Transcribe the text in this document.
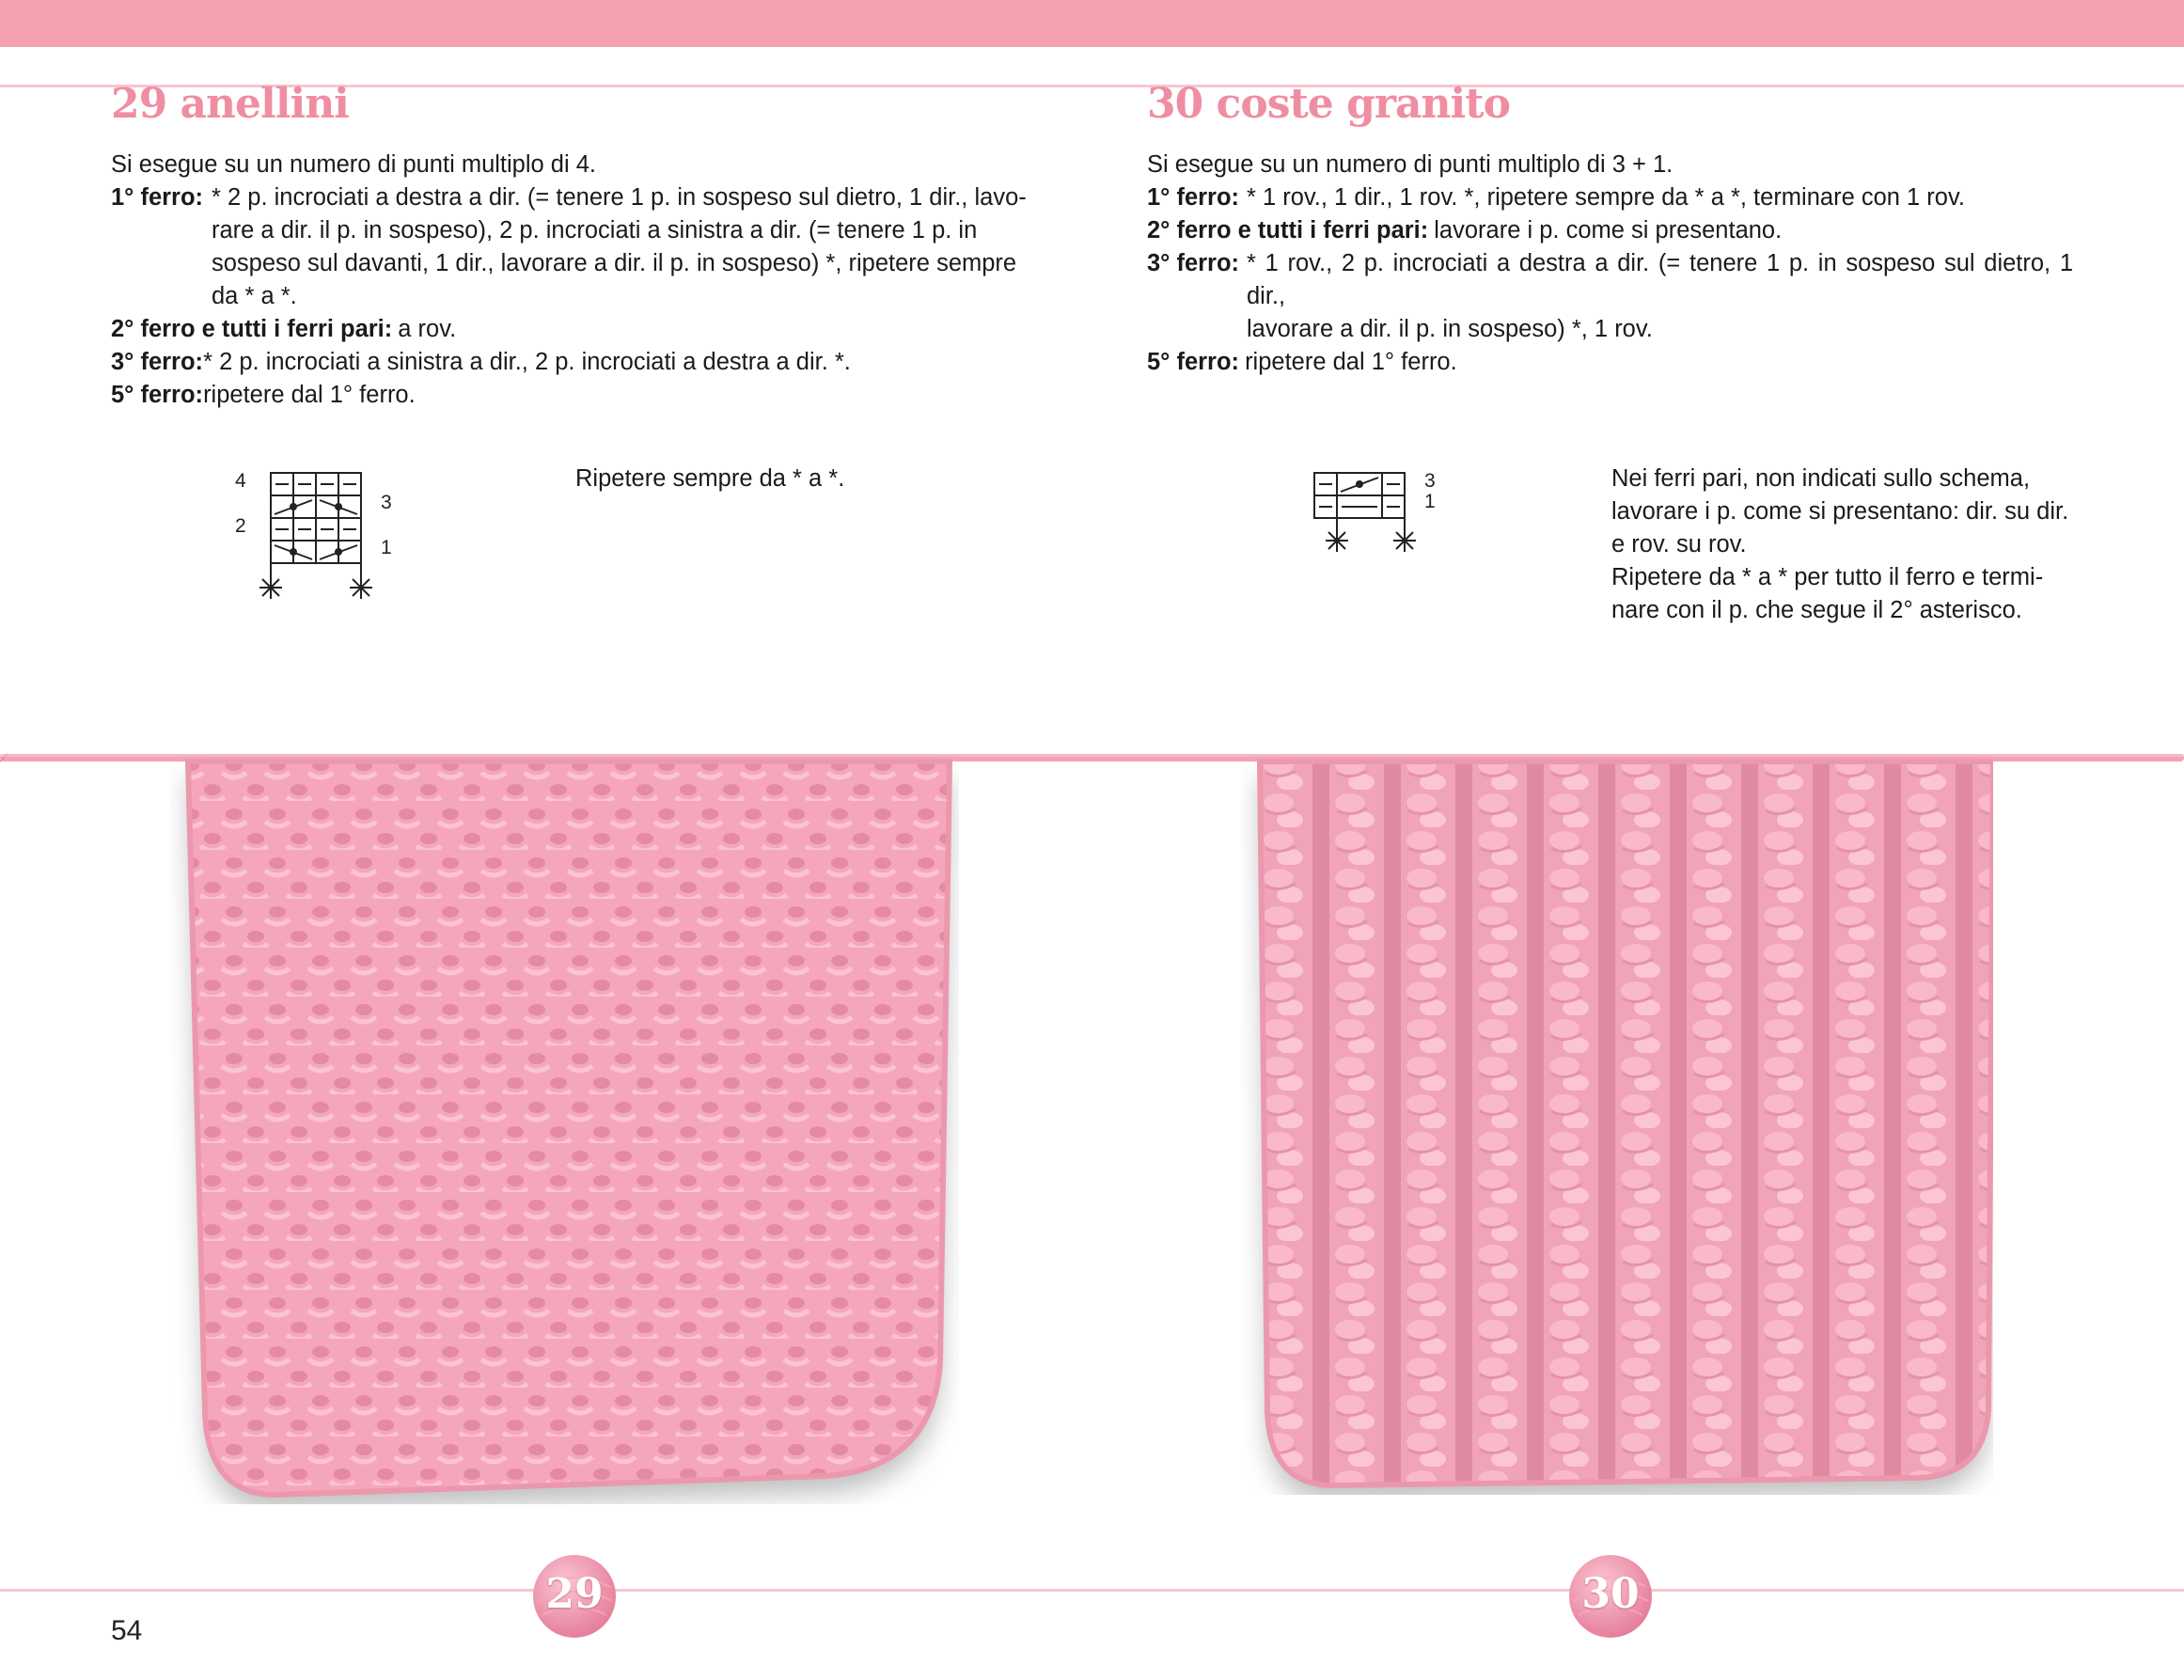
29 anellini
Si esegue su un numero di punti multiplo di 4.
1° ferro: * 2 p. incrociati a destra a dir. (= tenere 1 p. in sospeso sul dietro, 1 dir., lavo-
rare a dir. il p. in sospeso), 2 p. incrociati a sinistra a dir. (= tenere 1 p. in
sospeso sul davanti, 1 dir., lavorare a dir. il p. in sospeso) *, ripetere sempre
da * a *.
2° ferro e tutti i ferri pari: a rov.
3° ferro: * 2 p. incrociati a sinistra a dir., 2 p. incrociati a destra a dir. *.
5° ferro: ripetere dal 1° ferro.
4
2
3
1
Ripetere sempre da * a *.
30 coste granito
Si esegue su un numero di punti multiplo di 3 + 1.
1° ferro: * 1 rov., 1 dir., 1 rov. *, ripetere sempre da * a *, terminare con 1 rov.
2° ferro e tutti i ferri pari: lavorare i p. come si presentano.
3° ferro: * 1 rov., 2 p. incrociati a destra a dir. (= tenere 1 p. in sospeso sul dietro, 1 dir.,
lavorare a dir. il p. in sospeso) *, 1 rov.
5° ferro: ripetere dal 1° ferro.
3
1
Nei ferri pari, non indicati sullo schema,
lavorare i p. come si presentano: dir. su dir.
e rov. su rov.
Ripetere da * a * per tutto il ferro e termi-
nare con il p. che segue il 2° asterisco.
29	30
54
